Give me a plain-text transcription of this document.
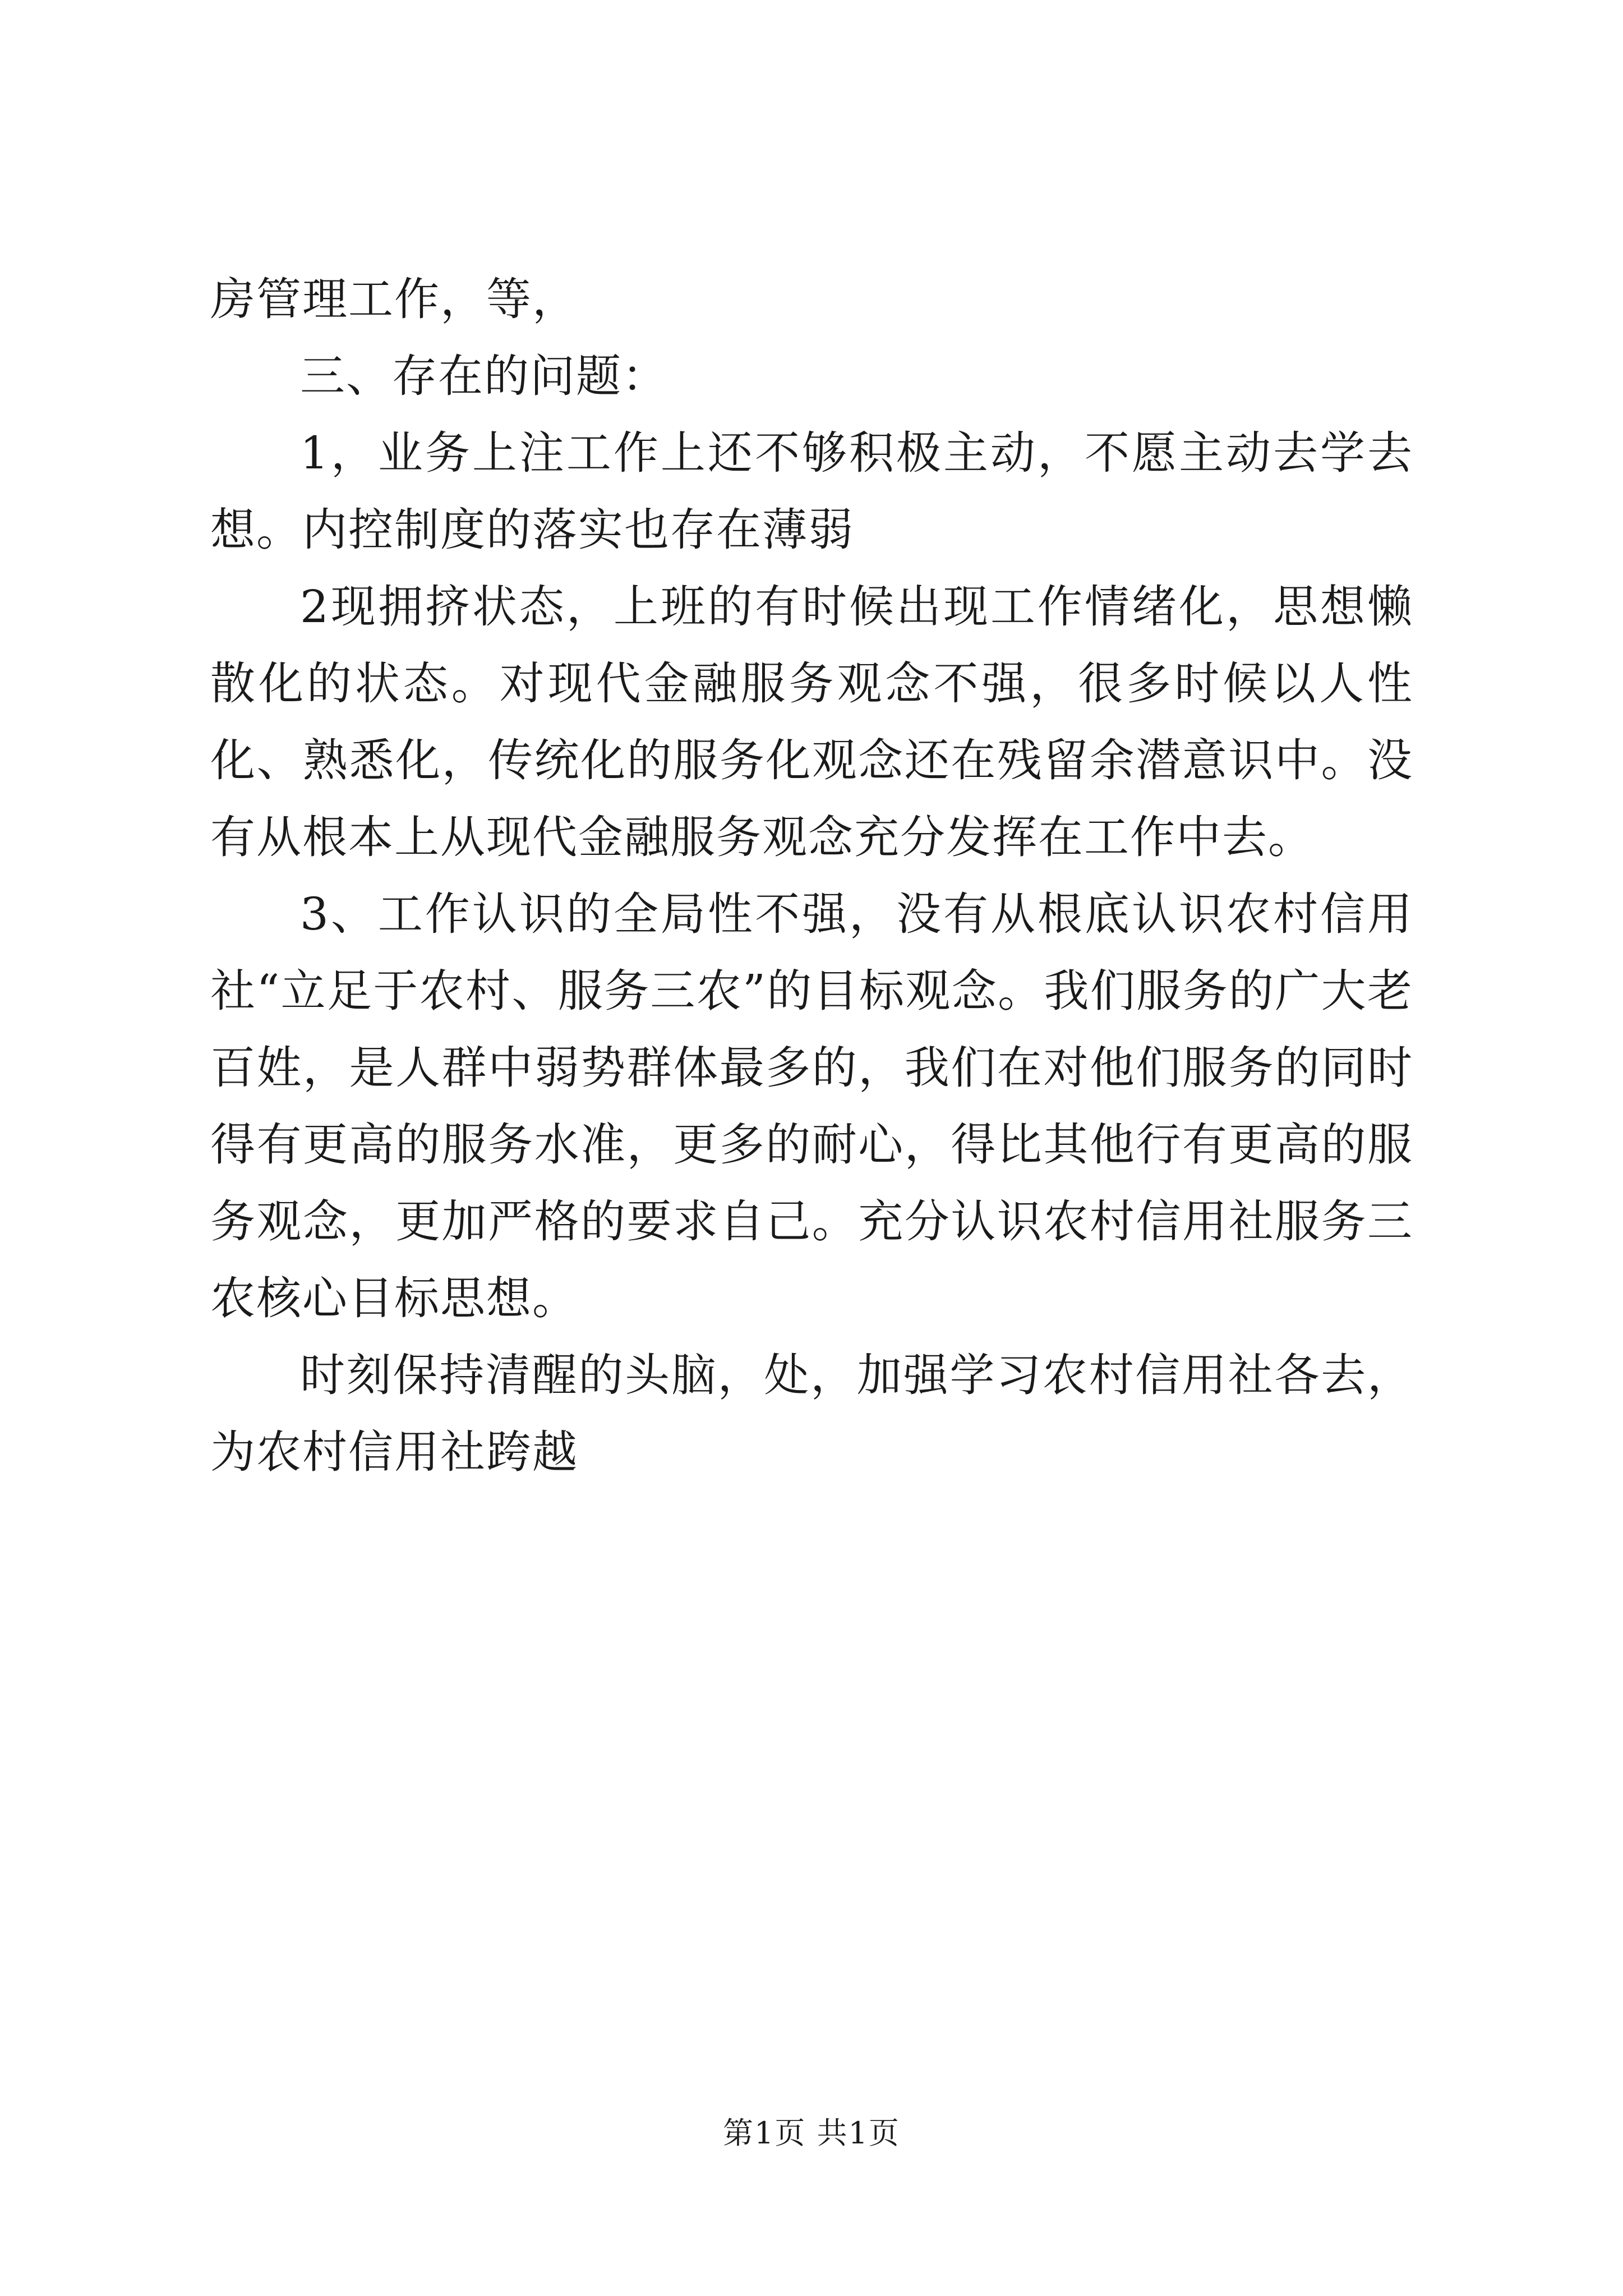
房管理工作，等，

三、存在的问题：

1，业务上注工作上还不够积极主动，不愿主动去学去想。内控制度的落实也存在薄弱

2现拥挤状态，上班的有时候出现工作情绪化，思想懒散化的状态。对现代金融服务观念不强，很多时候以人性化、熟悉化，传统化的服务化观念还在残留余潜意识中。没有从根本上从现代金融服务观念充分发挥在工作中去。

3、工作认识的全局性不强，没有从根底认识农村信用社“立足于农村、服务三农”的目标观念。我们服务的广大老百姓，是人群中弱势群体最多的，我们在对他们服务的同时得有更高的服务水准，更多的耐心，得比其他行有更高的服务观念，更加严格的要求自己。充分认识农村信用社服务三农核心目标思想。

时刻保持清醒的头脑，处，加强学习农村信用社各去，为农村信用社跨越

第1页 共1页
